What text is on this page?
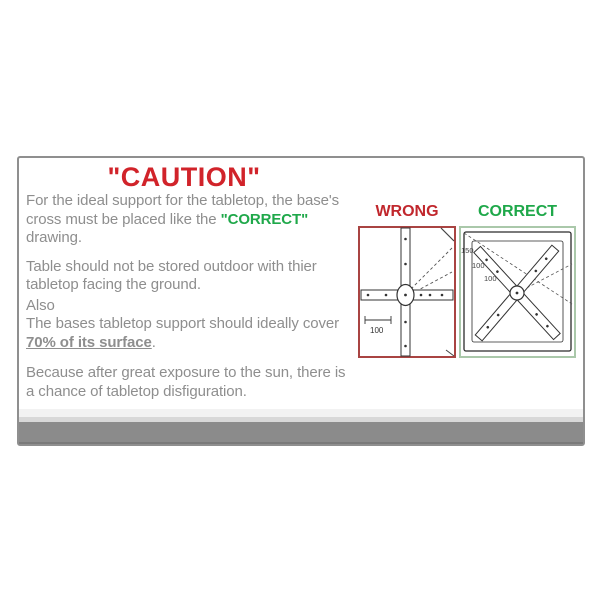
"CAUTION"

For the ideal support for the tabletop, the base's cross must be placed like the "CORRECT" drawing.

Table should not be stored outdoor with thier tabletop facing the ground.

Also

The bases tabletop support should ideally cover 70% of its surface.

Because after great exposure to the sun, there is a chance of tabletop disfiguration.

WRONG	CORRECT
100
150
100
100
